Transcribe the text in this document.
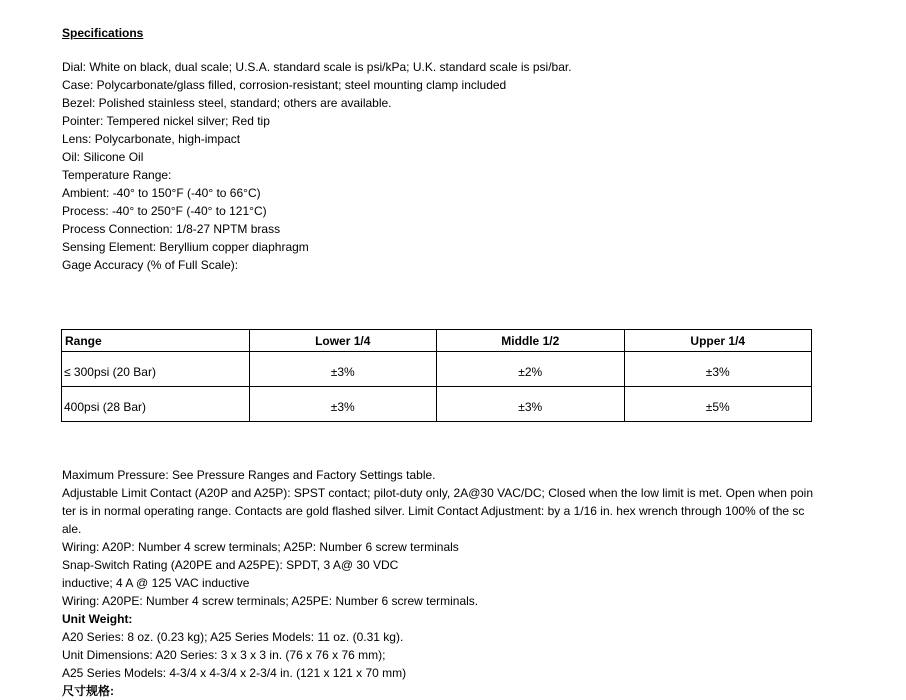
Specifications
Dial: White on black, dual scale; U.S.A. standard scale is psi/kPa; U.K. standard scale is psi/bar.
Case: Polycarbonate/glass filled, corrosion-resistant; steel mounting clamp included
Bezel: Polished stainless steel, standard; others are available.
Pointer: Tempered nickel silver; Red tip
Lens: Polycarbonate, high-impact
Oil: Silicone Oil
Temperature Range:
Ambient: -40° to 150°F (-40° to 66°C)
Process: -40° to 250°F (-40° to 121°C)
Process Connection: 1/8-27 NPTM brass
Sensing Element: Beryllium copper diaphragm
Gage Accuracy (% of Full Scale):
Range	Lower 1/4	Middle 1/2	Upper 1/4
≤ 300psi (20 Bar)	±3%	±2%	±3%
400psi (28 Bar)	±3%	±3%	±5%
Maximum Pressure: See Pressure Ranges and Factory Settings table.
Adjustable Limit Contact (A20P and A25P): SPST contact; pilot-duty only, 2A@30 VAC/DC; Closed when the low limit is met. Open when poin
ter is in normal operating range. Contacts are gold flashed silver. Limit Contact Adjustment: by a 1/16 in. hex wrench through 100% of the sc
ale.
Wiring: A20P: Number 4 screw terminals; A25P: Number 6 screw terminals
Snap-Switch Rating (A20PE and A25PE): SPDT, 3 A@ 30 VDC
inductive; 4 A @ 125 VAC inductive
Wiring: A20PE: Number 4 screw terminals; A25PE: Number 6 screw terminals.
Unit Weight:
A20 Series: 8 oz. (0.23 kg); A25 Series Models: 11 oz. (0.31 kg).
Unit Dimensions: A20 Series: 3 x 3 x 3 in. (76 x 76 x 76 mm);
A25 Series Models: 4-3/4 x 4-3/4 x 2-3/4 in. (121 x 121 x 70 mm)
尺寸规格:
